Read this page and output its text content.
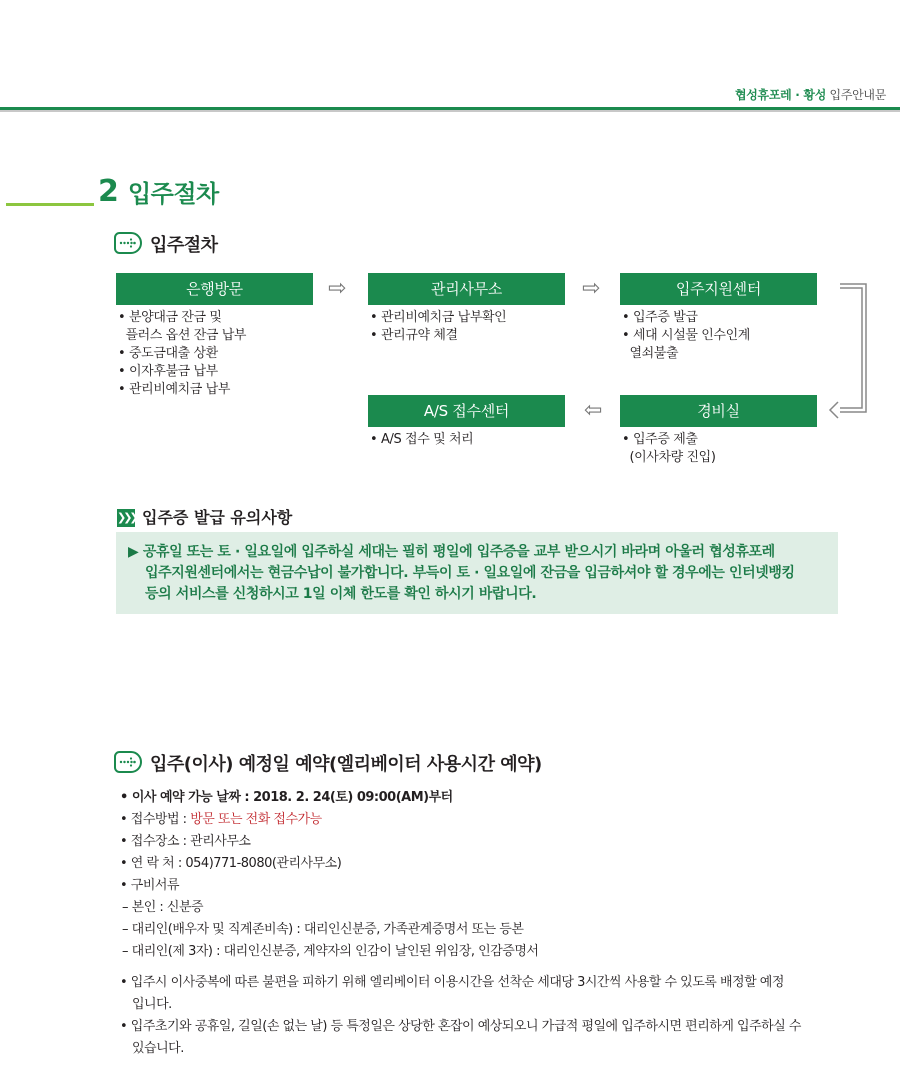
협성휴포레 · 황성 입주안내문
2 입주절차
입주절차
은행방문	관리사무소	입주지원센터
A/S 접수센터	경비실
• 분양대금 잔금 및
플러스 옵션 잔금 납부
• 중도금대출 상환
• 이자후불금 납부
• 관리비예치금 납부
• 관리비예치금 납부확인
• 관리규약 체결
• 입주증 발급
• 세대 시설물 인수인계
열쇠불출
• A/S 접수 및 처리	• 입주증 제출
(이사차량 진입)
⇨	⇨
⇦
❯❯❯ 입주증 발급 유의사항
▶ 공휴일 또는 토 · 일요일에 입주하실 세대는 필히 평일에 입주증을 교부 받으시기 바라며 아울러 협성휴포레
입주지원센터에서는 현금수납이 불가합니다. 부득이 토 · 일요일에 잔금을 입금하셔야 할 경우에는 인터넷뱅킹
등의 서비스를 신청하시고 1일 이체 한도를 확인 하시기 바랍니다.
입주(이사) 예정일 예약(엘리베이터 사용시간 예약)
• 이사 예약 가능 날짜 : 2018. 2. 24(토) 09:00(AM)부터
• 접수방법 : 방문 또는 전화 접수가능
• 접수장소 : 관리사무소
• 연 락 처 : 054)771-8080(관리사무소)
• 구비서류
– 본인 : 신분증
– 대리인(배우자 및 직계존비속) : 대리인신분증, 가족관계증명서 또는 등본
– 대리인(제 3자) : 대리인신분증, 계약자의 인감이 날인된 위임장, 인감증명서
• 입주시 이사중복에 따른 불편을 피하기 위해 엘리베이터 이용시간을 선착순 세대당 3시간씩 사용할 수 있도록 배정할 예정
입니다.
• 입주초기와 공휴일, 길일(손 없는 날) 등 특정일은 상당한 혼잡이 예상되오니 가급적 평일에 입주하시면 편리하게 입주하실 수
있습니다.
